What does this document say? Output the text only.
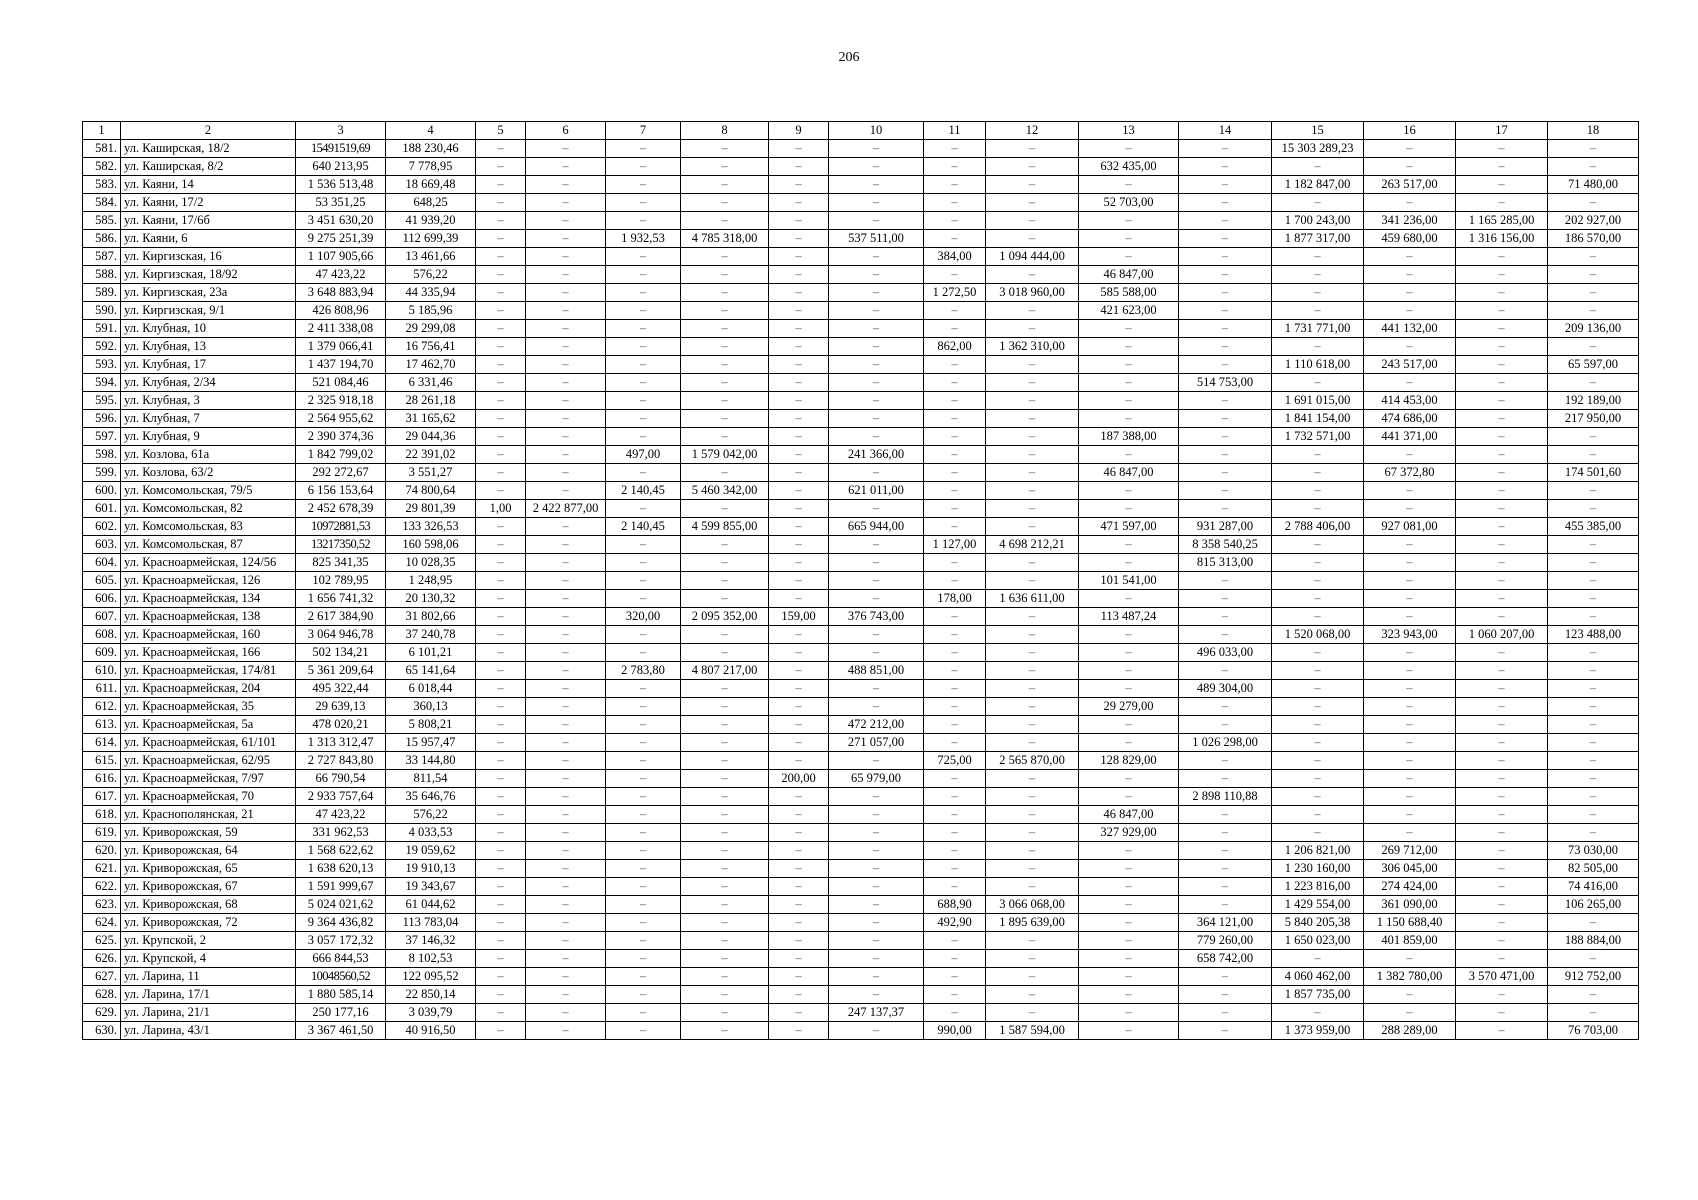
206
1	2	3	4	5	6	7	8	9	10	11	12	13	14	15	16	17	18
581.	ул. Каширская, 18/2	15491519,69	188 230,46	–	–	–	–	–	–	–	–	–	–	15 303 289,23	–	–	–
582.	ул. Каширская, 8/2	640 213,95	7 778,95	–	–	–	–	–	–	–	–	632 435,00	–	–	–	–	–
583.	ул. Каяни, 14	1 536 513,48	18 669,48	–	–	–	–	–	–	–	–	–	–	1 182 847,00	263 517,00	–	71 480,00
584.	ул. Каяни, 17/2	53 351,25	648,25	–	–	–	–	–	–	–	–	52 703,00	–	–	–	–	–
585.	ул. Каяни, 17/6б	3 451 630,20	41 939,20	–	–	–	–	–	–	–	–	–	–	1 700 243,00	341 236,00	1 165 285,00	202 927,00
586.	ул. Каяни, 6	9 275 251,39	112 699,39	–	–	1 932,53	4 785 318,00	–	537 511,00	–	–	–	–	1 877 317,00	459 680,00	1 316 156,00	186 570,00
587.	ул. Киргизская, 16	1 107 905,66	13 461,66	–	–	–	–	–	–	384,00	1 094 444,00	–	–	–	–	–	–
588.	ул. Киргизская, 18/92	47 423,22	576,22	–	–	–	–	–	–	–	–	46 847,00	–	–	–	–	–
589.	ул. Киргизская, 23а	3 648 883,94	44 335,94	–	–	–	–	–	–	1 272,50	3 018 960,00	585 588,00	–	–	–	–	–
590.	ул. Киргизская, 9/1	426 808,96	5 185,96	–	–	–	–	–	–	–	–	421 623,00	–	–	–	–	–
591.	ул. Клубная, 10	2 411 338,08	29 299,08	–	–	–	–	–	–	–	–	–	–	1 731 771,00	441 132,00	–	209 136,00
592.	ул. Клубная, 13	1 379 066,41	16 756,41	–	–	–	–	–	–	862,00	1 362 310,00	–	–	–	–	–	–
593.	ул. Клубная, 17	1 437 194,70	17 462,70	–	–	–	–	–	–	–	–	–	–	1 110 618,00	243 517,00	–	65 597,00
594.	ул. Клубная, 2/34	521 084,46	6 331,46	–	–	–	–	–	–	–	–	–	514 753,00	–	–	–	–
595.	ул. Клубная, 3	2 325 918,18	28 261,18	–	–	–	–	–	–	–	–	–	–	1 691 015,00	414 453,00	–	192 189,00
596.	ул. Клубная, 7	2 564 955,62	31 165,62	–	–	–	–	–	–	–	–	–	–	1 841 154,00	474 686,00	–	217 950,00
597.	ул. Клубная, 9	2 390 374,36	29 044,36	–	–	–	–	–	–	–	–	187 388,00	–	1 732 571,00	441 371,00	–	–
598.	ул. Козлова, 61а	1 842 799,02	22 391,02	–	–	497,00	1 579 042,00	–	241 366,00	–	–	–	–	–	–	–	–
599.	ул. Козлова, 63/2	292 272,67	3 551,27	–	–	–	–	–	–	–	–	46 847,00	–	–	67 372,80	–	174 501,60
600.	ул. Комсомольская, 79/5	6 156 153,64	74 800,64	–	–	2 140,45	5 460 342,00	–	621 011,00	–	–	–	–	–	–	–	–
601.	ул. Комсомольская, 82	2 452 678,39	29 801,39	1,00	2 422 877,00	–	–	–	–	–	–	–	–	–	–	–	–
602.	ул. Комсомольская, 83	10972881,53	133 326,53	–	–	2 140,45	4 599 855,00	–	665 944,00	–	–	471 597,00	931 287,00	2 788 406,00	927 081,00	–	455 385,00
603.	ул. Комсомольская, 87	13217350,52	160 598,06	–	–	–	–	–	–	1 127,00	4 698 212,21	–	8 358 540,25	–	–	–	–
604.	ул. Красноармейская, 124/56	825 341,35	10 028,35	–	–	–	–	–	–	–	–	–	815 313,00	–	–	–	–
605.	ул. Красноармейская, 126	102 789,95	1 248,95	–	–	–	–	–	–	–	–	101 541,00	–	–	–	–	–
606.	ул. Красноармейская, 134	1 656 741,32	20 130,32	–	–	–	–	–	–	178,00	1 636 611,00	–	–	–	–	–	–
607.	ул. Красноармейская, 138	2 617 384,90	31 802,66	–	–	320,00	2 095 352,00	159,00	376 743,00	–	–	113 487,24	–	–	–	–	–
608.	ул. Красноармейская, 160	3 064 946,78	37 240,78	–	–	–	–	–	–	–	–	–	–	1 520 068,00	323 943,00	1 060 207,00	123 488,00
609.	ул. Красноармейская, 166	502 134,21	6 101,21	–	–	–	–	–	–	–	–	–	496 033,00	–	–	–	–
610.	ул. Красноармейская, 174/81	5 361 209,64	65 141,64	–	–	2 783,80	4 807 217,00	–	488 851,00	–	–	–	–	–	–	–	–
611.	ул. Красноармейская, 204	495 322,44	6 018,44	–	–	–	–	–	–	–	–	–	489 304,00	–	–	–	–
612.	ул. Красноармейская, 35	29 639,13	360,13	–	–	–	–	–	–	–	–	29 279,00	–	–	–	–	–
613.	ул. Красноармейская, 5а	478 020,21	5 808,21	–	–	–	–	–	472 212,00	–	–	–	–	–	–	–	–
614.	ул. Красноармейская, 61/101	1 313 312,47	15 957,47	–	–	–	–	–	271 057,00	–	–	–	1 026 298,00	–	–	–	–
615.	ул. Красноармейская, 62/95	2 727 843,80	33 144,80	–	–	–	–	–	–	725,00	2 565 870,00	128 829,00	–	–	–	–	–
616.	ул. Красноармейская, 7/97	66 790,54	811,54	–	–	–	–	200,00	65 979,00	–	–	–	–	–	–	–	–
617.	ул. Красноармейская, 70	2 933 757,64	35 646,76	–	–	–	–	–	–	–	–	–	2 898 110,88	–	–	–	–
618.	ул. Краснополянская, 21	47 423,22	576,22	–	–	–	–	–	–	–	–	46 847,00	–	–	–	–	–
619.	ул. Криворожская, 59	331 962,53	4 033,53	–	–	–	–	–	–	–	–	327 929,00	–	–	–	–	–
620.	ул. Криворожская, 64	1 568 622,62	19 059,62	–	–	–	–	–	–	–	–	–	–	1 206 821,00	269 712,00	–	73 030,00
621.	ул. Криворожская, 65	1 638 620,13	19 910,13	–	–	–	–	–	–	–	–	–	–	1 230 160,00	306 045,00	–	82 505,00
622.	ул. Криворожская, 67	1 591 999,67	19 343,67	–	–	–	–	–	–	–	–	–	–	1 223 816,00	274 424,00	–	74 416,00
623.	ул. Криворожская, 68	5 024 021,62	61 044,62	–	–	–	–	–	–	688,90	3 066 068,00	–	–	1 429 554,00	361 090,00	–	106 265,00
624.	ул. Криворожская, 72	9 364 436,82	113 783,04	–	–	–	–	–	–	492,90	1 895 639,00	–	364 121,00	5 840 205,38	1 150 688,40	–	–
625.	ул. Крупской, 2	3 057 172,32	37 146,32	–	–	–	–	–	–	–	–	–	779 260,00	1 650 023,00	401 859,00	–	188 884,00
626.	ул. Крупской, 4	666 844,53	8 102,53	–	–	–	–	–	–	–	–	–	658 742,00	–	–	–	–
627.	ул. Ларина, 11	10048560,52	122 095,52	–	–	–	–	–	–	–	–	–	–	4 060 462,00	1 382 780,00	3 570 471,00	912 752,00
628.	ул. Ларина, 17/1	1 880 585,14	22 850,14	–	–	–	–	–	–	–	–	–	–	1 857 735,00	–	–	–
629.	ул. Ларина, 21/1	250 177,16	3 039,79	–	–	–	–	–	247 137,37	–	–	–	–	–	–	–	–
630.	ул. Ларина, 43/1	3 367 461,50	40 916,50	–	–	–	–	–	–	990,00	1 587 594,00	–	–	1 373 959,00	288 289,00	–	76 703,00
